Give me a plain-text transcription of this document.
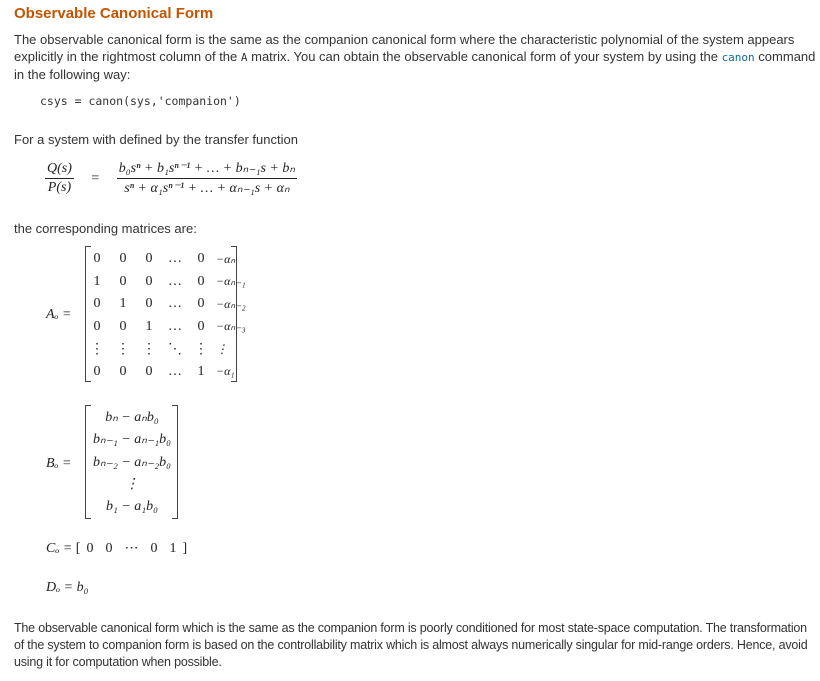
Observable Canonical Form
The observable canonical form is the same as the companion canonical form where the characteristic polynomial of the system appears explicitly in the rightmost column of the A matrix. You can obtain the observable canonical form of your system by using the canon command in the following way:
csys = canon(sys,'companion')
For a system with defined by the transfer function
$\frac{Q(s)}{P(s)} = \frac{\text{b₀sⁿ + b₁sⁿ⁻¹ + … + bₙ₋₁s + bₙ}}{\text{sⁿ + α₁sⁿ⁻¹ + … + αₙ₋₁s + αₙ}}$
the corresponding matrices are:
Aₒ =
0	0	0	…	0	−αₙ
1	0	0	…	0	−αₙ₋₁
0	1	0	…	0	−αₙ₋₂
0	0	1	…	0	−αₙ₋₃
⋮	⋮	⋮	⋱	⋮	⋮
0	0	0	…	1	−α₁
Bₒ =
bₙ − aₙb₀
bₙ₋₁ − aₙ₋₁b₀
bₙ₋₂ − aₙ₋₂b₀
⋮
b₁ − a₁b₀
Cₒ = [ 0 0 ⋯ 0 1 ]
Dₒ = b₀
The observable canonical form which is the same as the companion form is poorly conditioned for most state-space computation. The transformation of the system to companion form is based on the controllability matrix which is almost always numerically singular for mid-range orders. Hence, avoid using it for computation when possible.
